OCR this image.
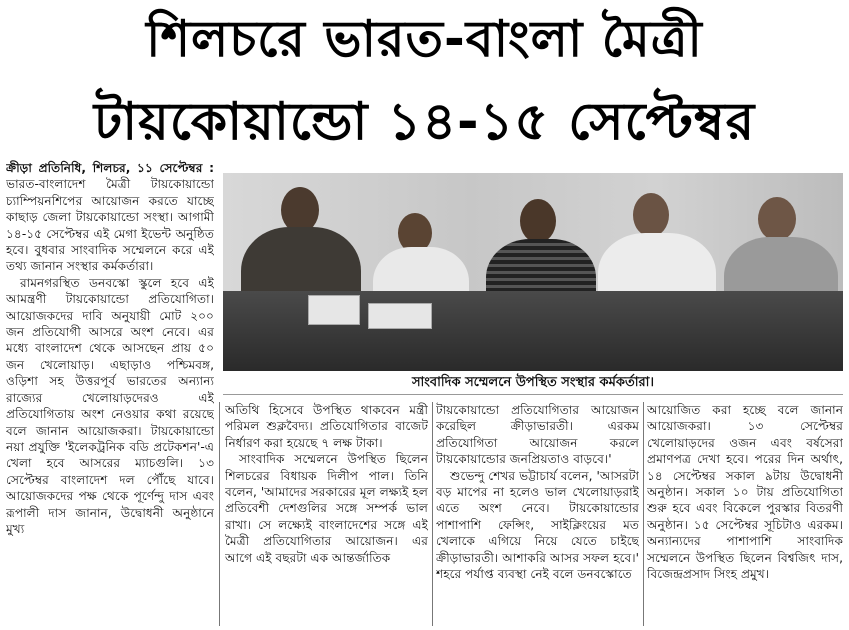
শিলচরে ভারত-বাংলা মৈত্রী
টায়কোয়ান্ডো ১৪-১৫ সেপ্টেম্বর

ক্রীড়া প্রতিনিধি, শিলচর, ১১ সেপ্টেম্বর : ভারত-বাংলাদেশ মৈত্রী টায়কোয়ান্ডো চ্যাম্পিয়নশিপের আয়োজন করতে যাচ্ছে কাছাড় জেলা টায়কোয়ান্ডো সংস্থা। আগামী ১৪-১৫ সেপ্টেম্বর এই মেগা ইভেন্ট অনুষ্ঠিত হবে। বুধবার সাংবাদিক সম্মেলনে করে এই তথ্য জানান সংস্থার কর্মকর্তারা।

রামনগরস্থিত ডনবস্কো স্কুলে হবে এই আমন্ত্রণী টায়কোয়ান্ডো প্রতিযোগিতা। আয়োজকদের দাবি অনুযায়ী মোট ২০০ জন প্রতিযোগী আসরে অংশ নেবে। এর মধ্যে বাংলাদেশ থেকে আসছেন প্রায় ৫০ জন খেলোয়াড়। এছাড়াও পশ্চিমবঙ্গ, ওড়িশা সহ উত্তরপূর্ব ভারতের অন্যান্য রাজ্যের খেলোয়াড়দেরও এই প্রতিযোগিতায় অংশ নেওয়ার কথা রয়েছে বলে জানান আয়োজকরা। টায়কোয়ান্ডো নয়া প্রযুক্তি 'ইলেকট্রনিক বডি প্রটেকশন'-এ খেলা হবে আসরের ম্যাচগুলি। ১৩ সেপ্টেম্বর বাংলাদেশ দল পৌঁছে যাবে। আয়োজকদের পক্ষ থেকে পূর্ণেন্দু দাস এবং রূপালী দাস জানান, উদ্বোধনী অনুষ্ঠানে মুখ্য

সাংবাদিক সম্মেলনে উপস্থিত সংস্থার কর্মকর্তারা।

অতিথি হিসেবে উপস্থিত থাকবেন মন্ত্রী পরিমল শুক্লবৈদ্য। প্রতিযোগিতার বাজেট নির্ধারণ করা হয়েছে ৭ লক্ষ টাকা।

সাংবাদিক সম্মেলনে উপস্থিত ছিলেন শিলচরের বিধায়ক দিলীপ পাল। তিনি বলেন, 'আমাদের সরকারের মূল লক্ষ্যই হল প্রতিবেশী দেশগুলির সঙ্গে সম্পর্ক ভাল রাখা। সে লক্ষ্যেই বাংলাদেশের সঙ্গে এই মৈত্রী প্রতিযোগিতার আয়োজন। এর আগে এই বছরটা এক আন্তর্জাতিক

টায়কোয়ান্ডো প্রতিযোগিতার আয়োজন করেছিল ক্রীড়াভারতী। এরকম প্রতিযোগিতা আয়োজন করলে টায়কোয়ান্ডোর জনপ্রিয়তাও বাড়বে।'

শুভেন্দু শেখর ভট্টাচার্য বলেন, 'আসরটা বড় মাপের না হলেও ভাল খেলোয়াড়রাই এতে অংশ নেবে। টায়কোয়ান্ডোর পাশাপাশি ফেন্সিং, সাইক্লিংয়ের মত খেলাকে এগিয়ে নিয়ে যেতে চাইছে ক্রীড়াভারতী। আশাকরি আসর সফল হবে।' শহরে পর্যাপ্ত ব্যবস্থা নেই বলে ডনবস্কোতে

আয়োজিত করা হচ্ছে বলে জানান আয়োজকরা। ১৩ সেপ্টেম্বর খেলোয়াড়দের ওজন এবং বর্ষসেরা প্রমাণপত্র দেখা হবে। পরের দিন অর্থাৎ, ১৪ সেপ্টেম্বর সকাল ৯টায় উদ্বোধনী অনুষ্ঠান। সকাল ১০ টায় প্রতিযোগিতা শুরু হবে এবং বিকেলে পুরস্কার বিতরণী অনুষ্ঠান। ১৫ সেপ্টেম্বর সূচিটাও এরকম। অন্যান্যদের পাশাপাশি সাংবাদিক সম্মেলনে উপস্থিত ছিলেন বিশ্বজিৎ দাস, বিজেন্দ্রপ্রসাদ সিংহ প্রমুখ।
